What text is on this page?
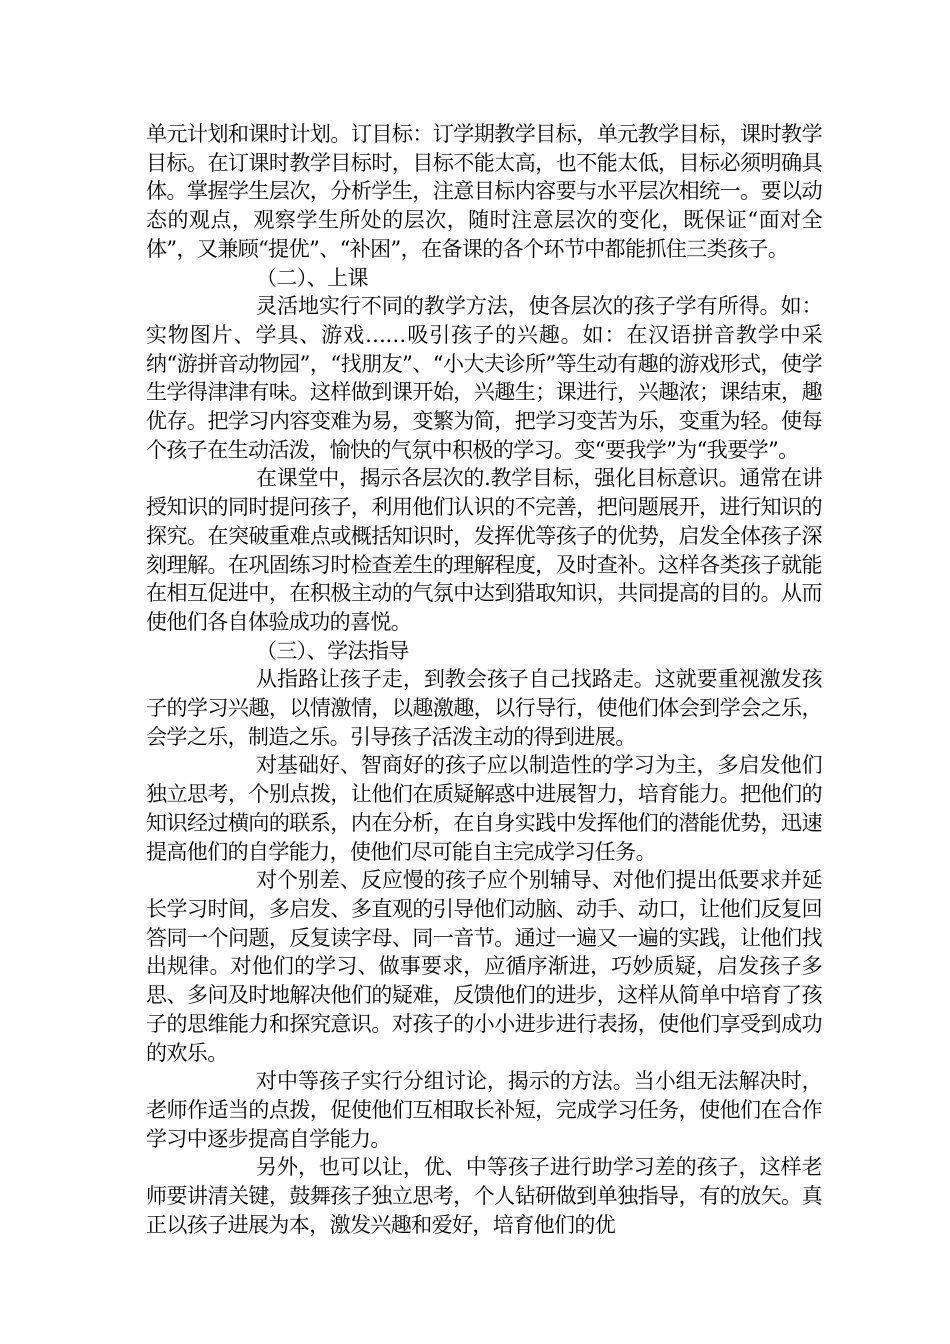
单元计划和课时计划。订目标：订学期教学目标，单元教学目标，课时教学目标。在订课时教学目标时，目标不能太高，也不能太低，目标必须明确具体。掌握学生层次，分析学生，注意目标内容要与水平层次相统一。要以动态的观点，观察学生所处的层次，随时注意层次的变化，既保证“面对全体”，又兼顾“提优”、“补困”，在备课的各个环节中都能抓住三类孩子。

（二）、上课

灵活地实行不同的教学方法，使各层次的孩子学有所得。如：实物图片、学具、游戏……吸引孩子的兴趣。如：在汉语拼音教学中采纳“游拼音动物园”，“找朋友”、“小大夫诊所”等生动有趣的游戏形式，使学生学得津津有味。这样做到课开始，兴趣生；课进行，兴趣浓；课结束，趣优存。把学习内容变难为易，变繁为简，把学习变苦为乐，变重为轻。使每个孩子在生动活泼，愉快的气氛中积极的学习。变“要我学”为“我要学”。

在课堂中，揭示各层次的.教学目标，强化目标意识。通常在讲授知识的同时提问孩子，利用他们认识的不完善，把问题展开，进行知识的探究。在突破重难点或概括知识时，发挥优等孩子的优势，启发全体孩子深刻理解。在巩固练习时检查差生的理解程度，及时查补。这样各类孩子就能在相互促进中，在积极主动的气氛中达到猎取知识，共同提高的目的。从而使他们各自体验成功的喜悦。

（三）、学法指导

从指路让孩子走，到教会孩子自己找路走。这就要重视激发孩子的学习兴趣，以情激情，以趣激趣，以行导行，使他们体会到学会之乐，会学之乐，制造之乐。引导孩子活泼主动的得到进展。

对基础好、智商好的孩子应以制造性的学习为主，多启发他们独立思考，个别点拨，让他们在质疑解惑中进展智力，培育能力。把他们的知识经过横向的联系，内在分析，在自身实践中发挥他们的潜能优势，迅速提高他们的自学能力，使他们尽可能自主完成学习任务。

对个别差、反应慢的孩子应个别辅导、对他们提出低要求并延长学习时间，多启发、多直观的引导他们动脑、动手、动口，让他们反复回答同一个问题，反复读字母、同一音节。通过一遍又一遍的实践，让他们找出规律。对他们的学习、做事要求，应循序渐进，巧妙质疑，启发孩子多思、多问及时地解决他们的疑难，反馈他们的进步，这样从简单中培育了孩子的思维能力和探究意识。对孩子的小小进步进行表扬，使他们享受到成功的欢乐。

对中等孩子实行分组讨论，揭示的方法。当小组无法解决时，老师作适当的点拨，促使他们互相取长补短，完成学习任务，使他们在合作学习中逐步提高自学能力。

另外，也可以让，优、中等孩子进行助学习差的孩子，这样老师要讲清关键，鼓舞孩子独立思考，个人钻研做到单独指导，有的放矢。真正以孩子进展为本，激发兴趣和爱好，培育他们的优
